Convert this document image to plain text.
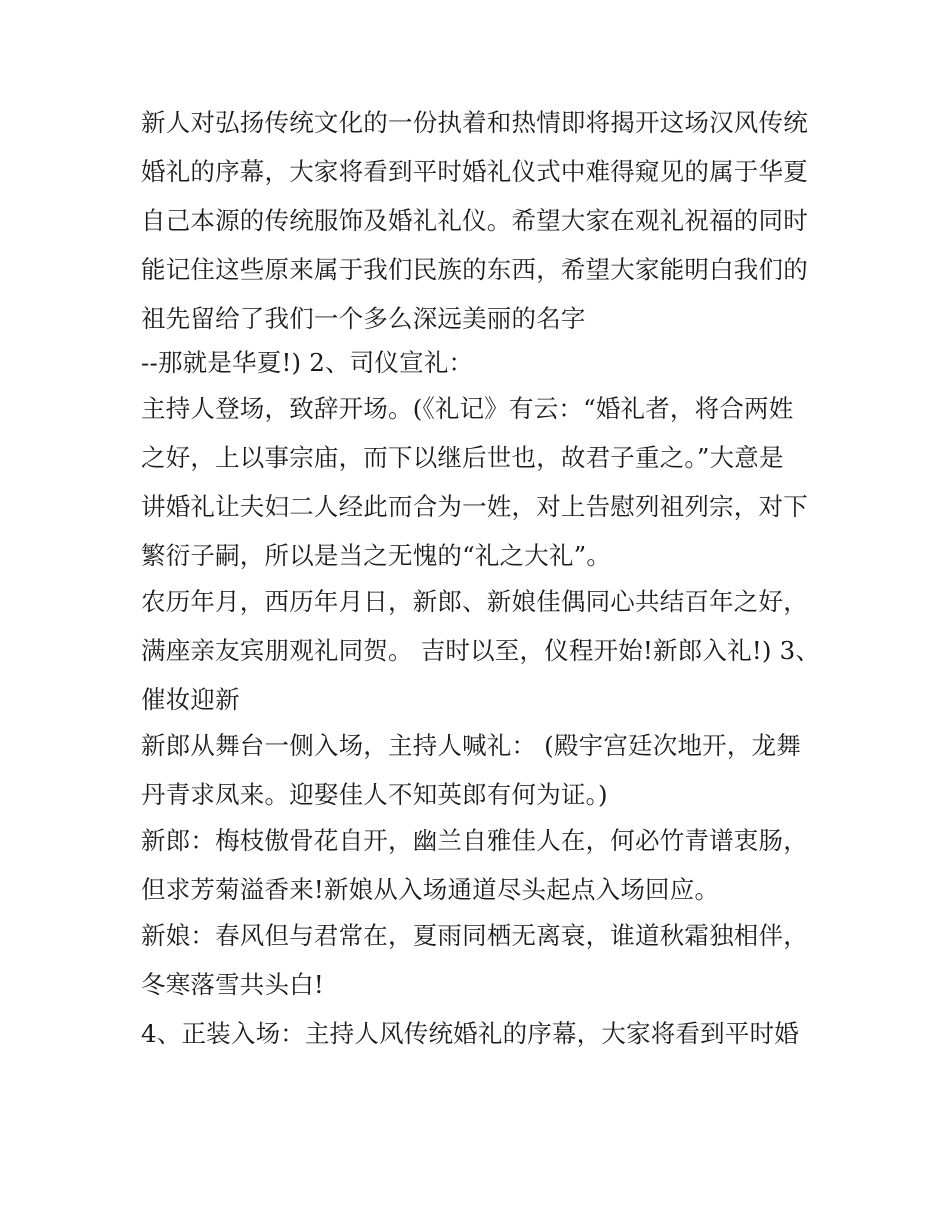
新人对弘扬传统文化的一份执着和热情即将揭开这场汉风传统
婚礼的序幕，大家将看到平时婚礼仪式中难得窥见的属于华夏
自己本源的传统服饰及婚礼礼仪。希望大家在观礼祝福的同时
能记住这些原来属于我们民族的东西，希望大家能明白我们的
祖先留给了我们一个多么深远美丽的名字
--那就是华夏!) 2、司仪宣礼：
主持人登场，致辞开场。(《礼记》有云：“婚礼者，将合两姓
之好，上以事宗庙，而下以继后世也，故君子重之。”大意是
讲婚礼让夫妇二人经此而合为一姓，对上告慰列祖列宗，对下
繁衍子嗣，所以是当之无愧的“礼之大礼”。
农历年月，西历年月日，新郎、新娘佳偶同心共结百年之好，
满座亲友宾朋观礼同贺。 吉时以至，仪程开始!新郎入礼!) 3、
催妆迎新
新郎从舞台一侧入场，主持人喊礼： (殿宇宫廷次地开，龙舞
丹青求凤来。迎娶佳人不知英郎有何为证。)
新郎：梅枝傲骨花自开，幽兰自雅佳人在，何必竹青谱衷肠，
但求芳菊溢香来!新娘从入场通道尽头起点入场回应。
新娘：春风但与君常在，夏雨同栖无离衰，谁道秋霜独相伴，
冬寒落雪共头白!
4、正装入场：主持人风传统婚礼的序幕，大家将看到平时婚
